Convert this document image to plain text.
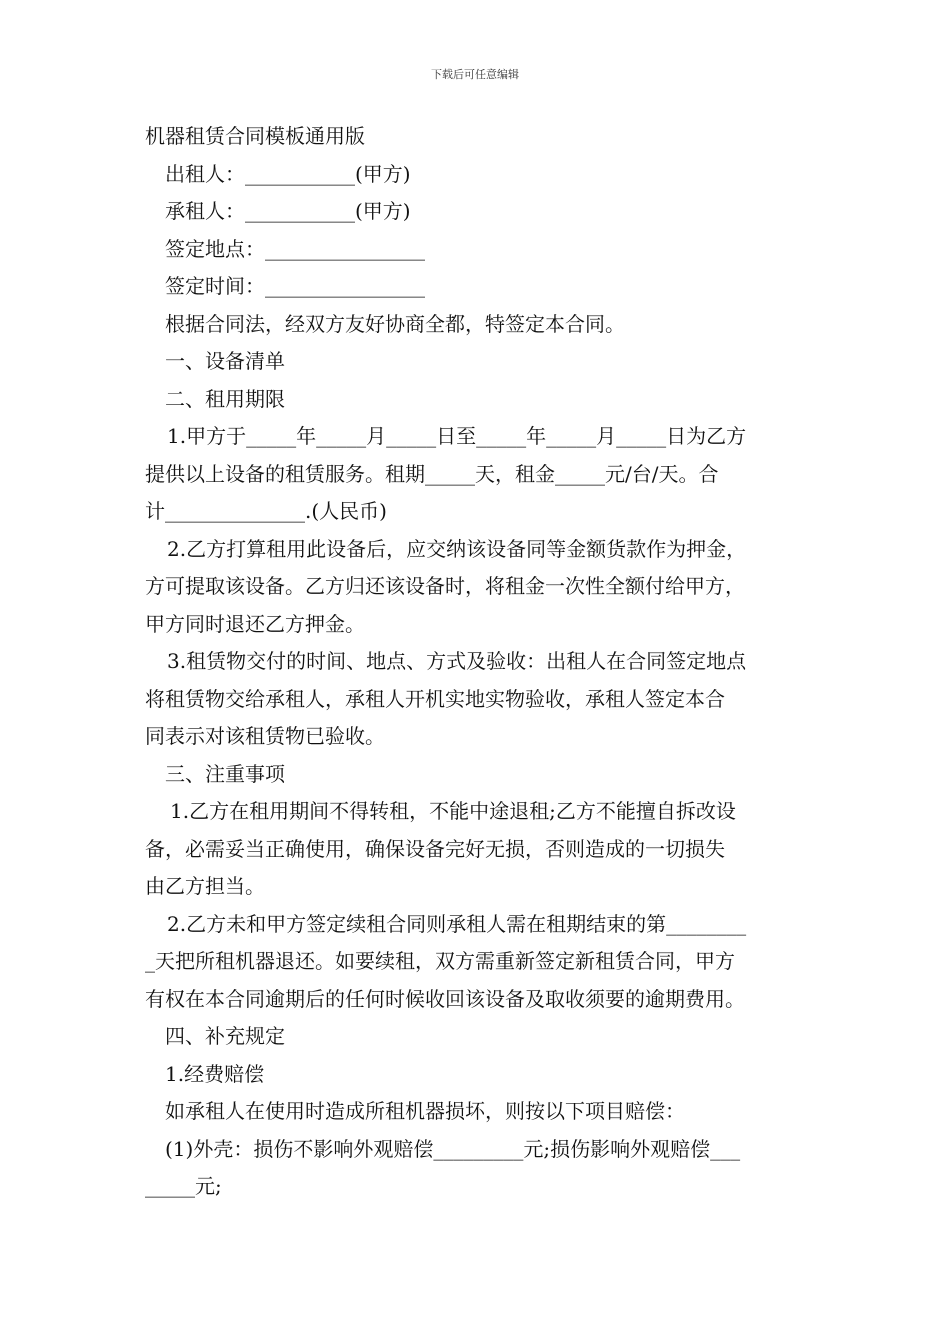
下载后可任意编辑

机器租赁合同模板通用版

出租人：___________(甲方)

承租人：___________(甲方)

签定地点：________________

签定时间：________________

根据合同法，经双方友好协商全都，特签定本合同。

一、设备清单

二、租用期限

1.甲方于_____年_____月_____日至_____年_____月_____日为乙方

提供以上设备的租赁服务。租期_____天，租金_____元/台/天。合

计______________.(人民币)

2.乙方打算租用此设备后，应交纳该设备同等金额货款作为押金，

方可提取该设备。乙方归还该设备时，将租金一次性全额付给甲方，

甲方同时退还乙方押金。

3.租赁物交付的时间、地点、方式及验收：出租人在合同签定地点

将租赁物交给承租人，承租人开机实地实物验收，承租人签定本合

同表示对该租赁物已验收。

三、注重事项

1.乙方在租用期间不得转租，不能中途退租;乙方不能擅自拆改设

备，必需妥当正确使用，确保设备完好无损，否则造成的一切损失

由乙方担当。

2.乙方未和甲方签定续租合同则承租人需在租期结束的第________

_天把所租机器退还。如要续租，双方需重新签定新租赁合同，甲方

有权在本合同逾期后的任何时候收回该设备及取收须要的逾期费用。

四、补充规定

1.经费赔偿

如承租人在使用时造成所租机器损坏，则按以下项目赔偿：

(1)外壳：损伤不影响外观赔偿_________元;损伤影响外观赔偿___

_____元;
